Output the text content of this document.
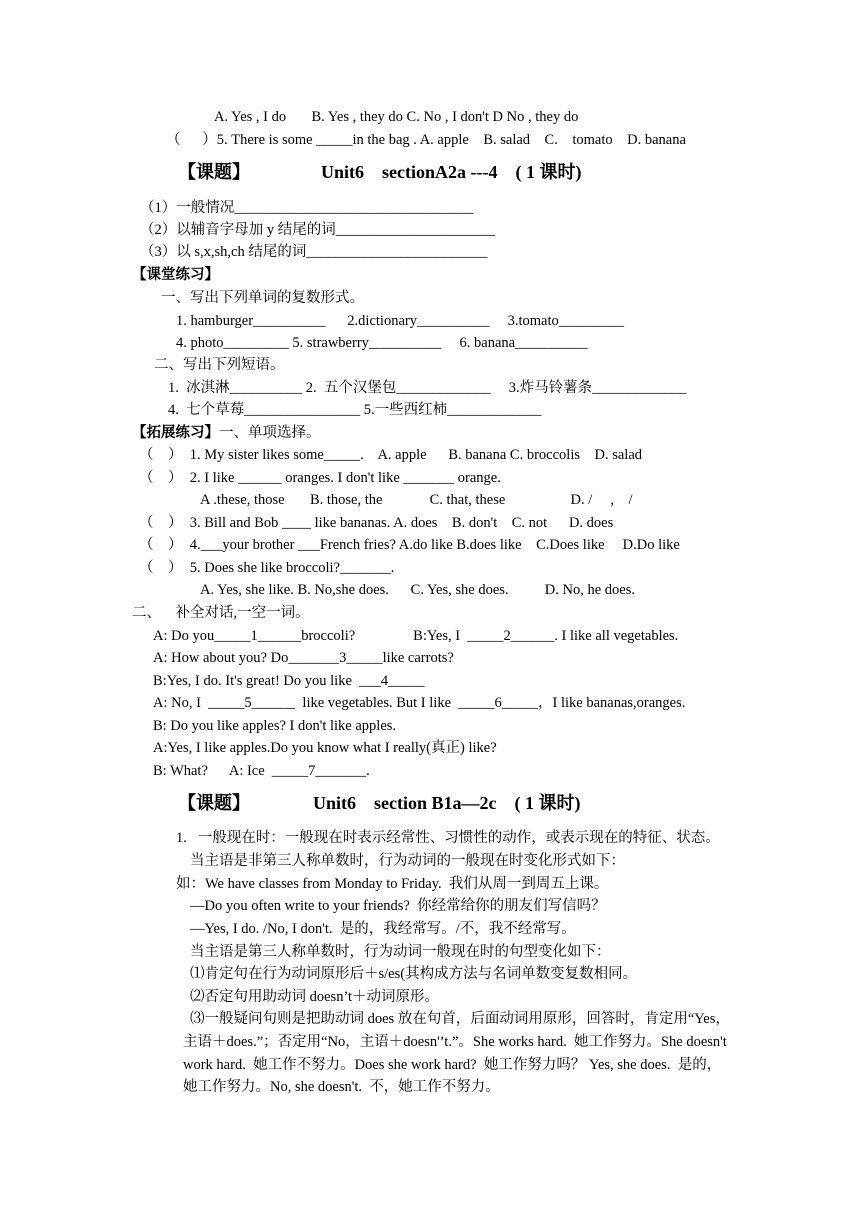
A. Yes , I do       B. Yes , they do C. No , I don't D No , they do
（      ）5. There is some _____in the bag . A. apple    B. salad    C.    tomato    D. banana
【课题】	Unit6    sectionA2a ---4    ( 1 课时)
（1）一般情况_________________________________
（2）以辅音字母加 y 结尾的词______________________
（3）以 s,x,sh,ch 结尾的词_________________________
【课堂练习】
一、写出下列单词的复数形式。
1. hamburger__________      2.dictionary__________     3.tomato_________
4. photo_________ 5. strawberry__________     6. banana__________
二、写出下列短语。
1.  冰淇淋__________ 2.  五个汉堡包_____________     3.炸马铃薯条_____________
4.  七个草莓________________ 5.一些西红柿_____________
【拓展练习】一、单项选择。
（    ）  1. My sister likes some_____.    A. apple      B. banana C. broccolis    D. salad
（    ）  2. I like ______ oranges. I don't like _______ orange.
A .these, those       B. those, the             C. that, these                  D. /     ,    /
（    ）  3. Bill and Bob ____ like bananas. A. does    B. don't    C. not      D. does
（    ）  4.___your brother ___French fries? A.do like B.does like    C.Does like     D.Do like
（    ）  5. Does she like broccoli?_______.
A. Yes, she like. B. No,she does.      C. Yes, she does.          D. No, he does.
二、    补全对话,一空一词。
A: Do you_____1______broccoli?                B:Yes, I  _____2______. I like all vegetables.
A: How about you? Do_______3_____like carrots?
B:Yes, I do. It's great! Do you like  ___4_____
A: No, I  _____5______  like vegetables. But I like  _____6_____，I like bananas,oranges.
B: Do you like apples? I don't like apples.
A:Yes, I like apples.Do you know what I really(真正) like?
B: What?      A: Ice  _____7_______.
【课题】	Unit6    section B1a—2c    ( 1 课时)
1.   一般现在时：一般现在时表示经常性、习惯性的动作，或表示现在的特征、状态。
当主语是非第三人称单数时，行为动词的一般现在时变化形式如下：
如：We have classes from Monday to Friday.  我们从周一到周五上课。
—Do you often write to your friends?  你经常给你的朋友们写信吗？
—Yes, I do. /No, I don't.  是的，我经常写。/不，我不经常写。
当主语是第三人称单数时，行为动词一般现在时的句型变化如下：
⑴肯定句在行为动词原形后＋s/es(其构成方法与名词单数变复数相同。
⑵否定句用助动词 doesn’t＋动词原形。
⑶一般疑问句则是把助动词 does 放在句首，后面动词用原形，回答时，肯定用“Yes，
主语＋does.”；否定用“No，主语＋doesn'’t.”。She works hard.  她工作努力。She doesn't
work hard.  她工作不努力。Does she work hard?  她工作努力吗？ Yes, she does.  是的，
她工作努力。No, she doesn't.  不，她工作不努力。
